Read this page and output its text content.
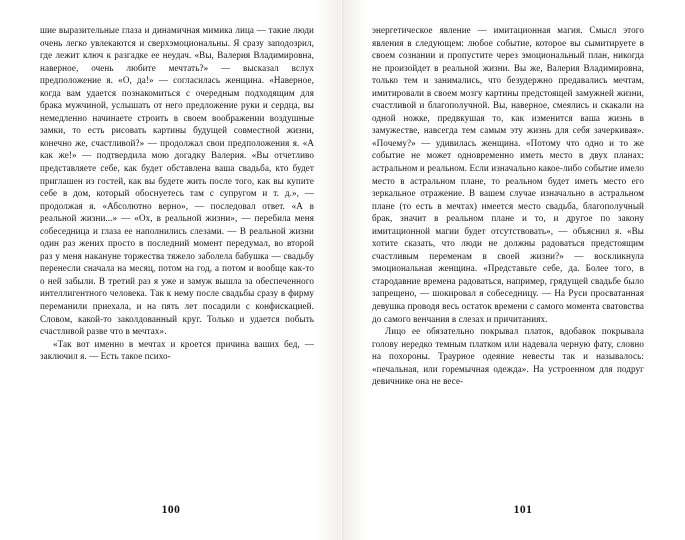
шие выразительные глаза и динамичная мимика лица — такие люди очень легко увлекаются и сверхэмоциональны. Я сразу заподозрил, где лежит ключ к разгадке ее неудач. «Вы, Валерия Владимировна, наверное, очень любите мечтать?» — высказал вслух предположение я. «О, да!» — согласилась женщина. «Наверное, когда вам удается познакомиться с очередным подходящим для брака мужчиной, услышать от него предложение руки и сердца, вы немедленно начинаете строить в своем воображении воздушные замки, то есть рисовать картины будущей совместной жизни, конечно же, счастливой?» — продолжал свои предположения я. «А как же!» — подтвердила мою догадку Валерия. «Вы отчетливо представляете себе, как будет обставлена ваша свадьба, кто будет приглашен из гостей, как вы будете жить после того, как вы купите себе в дом, который обоснуетесь там с супругом и т. д.», — продолжая я. «Абсолютно верно», — последовал ответ. «А в реальной жизни...» — «Ох, в реальной жизни», — перебила меня собеседница и глаза ее наполнились слезами. — В реальной жизни один раз жених просто в последний момент передумал, во второй раз у меня накануне торжества тяжело заболела бабушка — свадьбу перенесли сначала на месяц, потом на год, а потом и вообще как-то о ней забыли. В третий раз я уже и замуж вышла за обеспеченного интеллигентного человека. Так к нему после свадьбы сразу в фирму переманили приехала, и на пять лет посадили с конфискацией. Словом, какой-то заколдованный круг. Только и удается побыть счастливой разве что в мечтах».

«Так вот именно в мечтах и кроется причина ваших бед, — заключил я. — Есть такое психо-

100

энергетическое явление — имитационная магия. Смысл этого явления в следующем: любое событие, которое вы сымитируете в своем сознании и пропустите через эмоциональный план, никогда не произойдет в реальной жизни. Вы же, Валерия Владимировна, только тем и занимались, что безудержно предавались мечтам, имитировали в своем мозгу картины предстоящей замужней жизни, счастливой и благополучной. Вы, наверное, смеялись и скакали на одной ножке, предвкушая то, как изменится ваша жизнь в замужестве, навсегда тем самым эту жизнь для себя зачеркивая». «Почему?» — удивилась женщина. «Потому что одно и то же событие не может одновременно иметь место в двух планах: астральном и реальном. Если изначально какое-либо событие имело место в астральном плане, то реальном будет иметь место его зеркальное отражение. В вашем случае изначально в астральном плане (то есть в мечтах) имеется место свадьба, благополучный брак, значит в реальном плане и то, и другое по закону имитационной магии будет отсутствовать», — объяснил я. «Вы хотите сказать, что люди не должны радоваться предстоящим счастливым переменам в своей жизни?» — воскликнула эмоциональная женщина. «Представьте себе, да. Более того, в стародавние времена радоваться, например, грядущей свадьбе было запрещено, — шокировал я собеседницу. — На Руси просватанная девушка проводя весь остаток времени с самого момента сватовства до самого венчания в слезах и причитаниях.

Лицо ее обязательно покрывал платок, вдобавок покрывала голову нередко темным платком или надевала черную фату, словно на похороны. Траурное одеяние невесты так и называлось: «печальная, или горемычная одежда». На устроенном для подруг девичнике она не весе-

101
